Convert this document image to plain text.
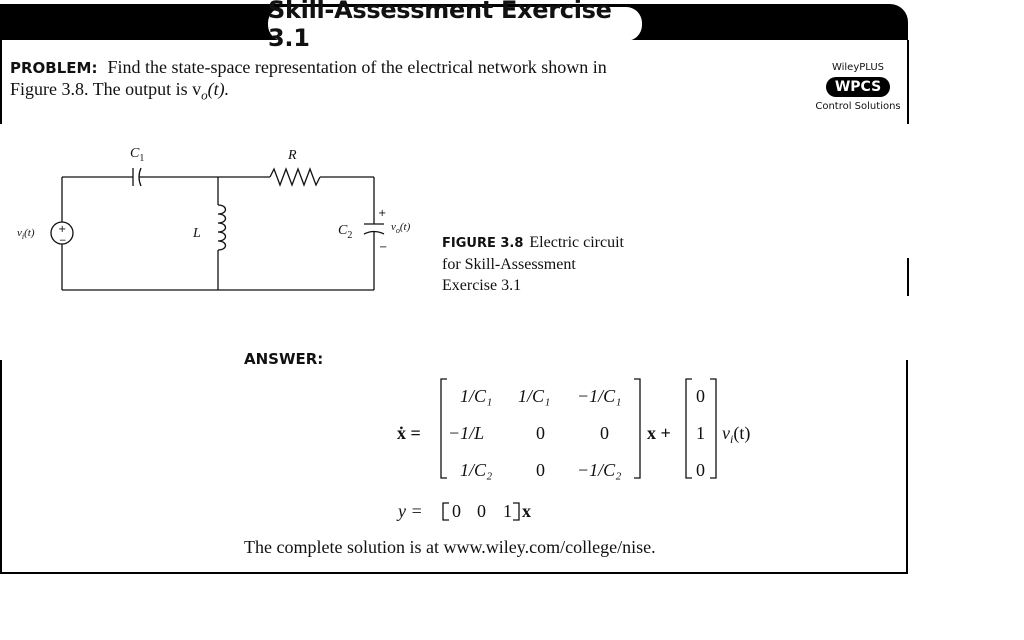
Skill-Assessment Exercise 3.1
PROBLEM: Find the state-space representation of the electrical network shown in
Figure 3.8. The output is $v_o(t)$.
WileyPLUS
WPCS
Control Solutions
$C_1$	R
L	$C_2$
$v_i(t)$	$v_o(t)$
+
−
+
−	FIGURE 3.8 Electric circuit
for Skill-Assessment
Exercise 3.1
ANSWER:
ẋ =
1/C₁ 1/C₁ −1/C₁
−1/L	0	0
1/C₂ 0 −1/C₂
x +
0
1
0
$v_i(t)$
y = 0 0 1 x
The complete solution is at www.wiley.com/college/nise.
